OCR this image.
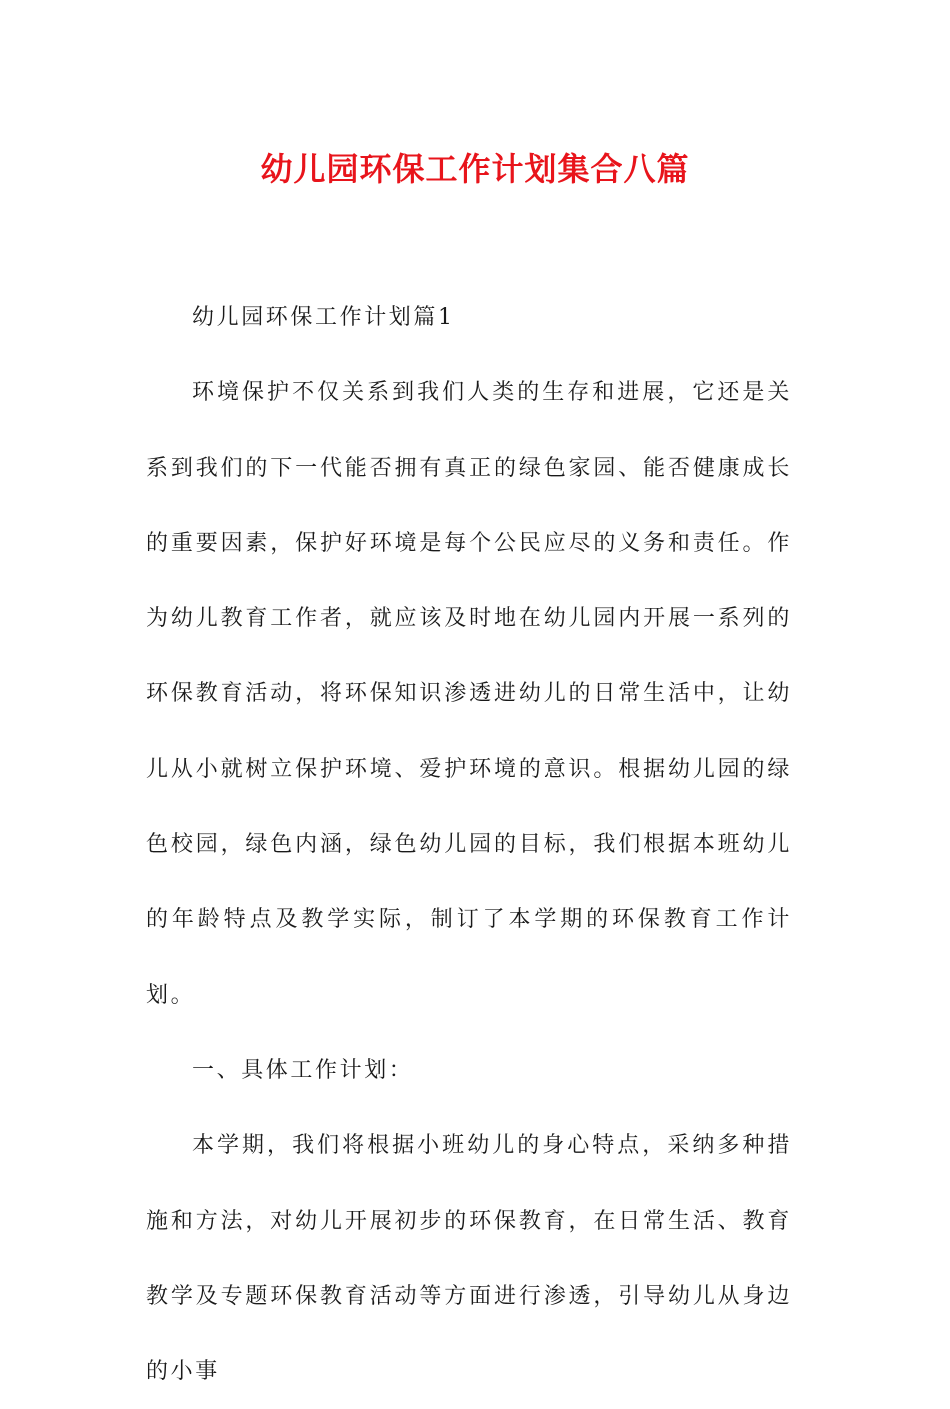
幼儿园环保工作计划集合八篇

幼儿园环保工作计划篇1

环境保护不仅关系到我们人类的生存和进展，它还是关系到我们的下一代能否拥有真正的绿色家园、能否健康成长的重要因素，保护好环境是每个公民应尽的义务和责任。作为幼儿教育工作者，就应该及时地在幼儿园内开展一系列的环保教育活动，将环保知识渗透进幼儿的日常生活中，让幼儿从小就树立保护环境、爱护环境的意识。根据幼儿园的绿色校园，绿色内涵，绿色幼儿园的目标，我们根据本班幼儿的年龄特点及教学实际，制订了本学期的环保教育工作计划。

一、具体工作计划：

本学期，我们将根据小班幼儿的身心特点，采纳多种措施和方法，对幼儿开展初步的环保教育，在日常生活、教育教学及专题环保教育活动等方面进行渗透，引导幼儿从身边的小事
